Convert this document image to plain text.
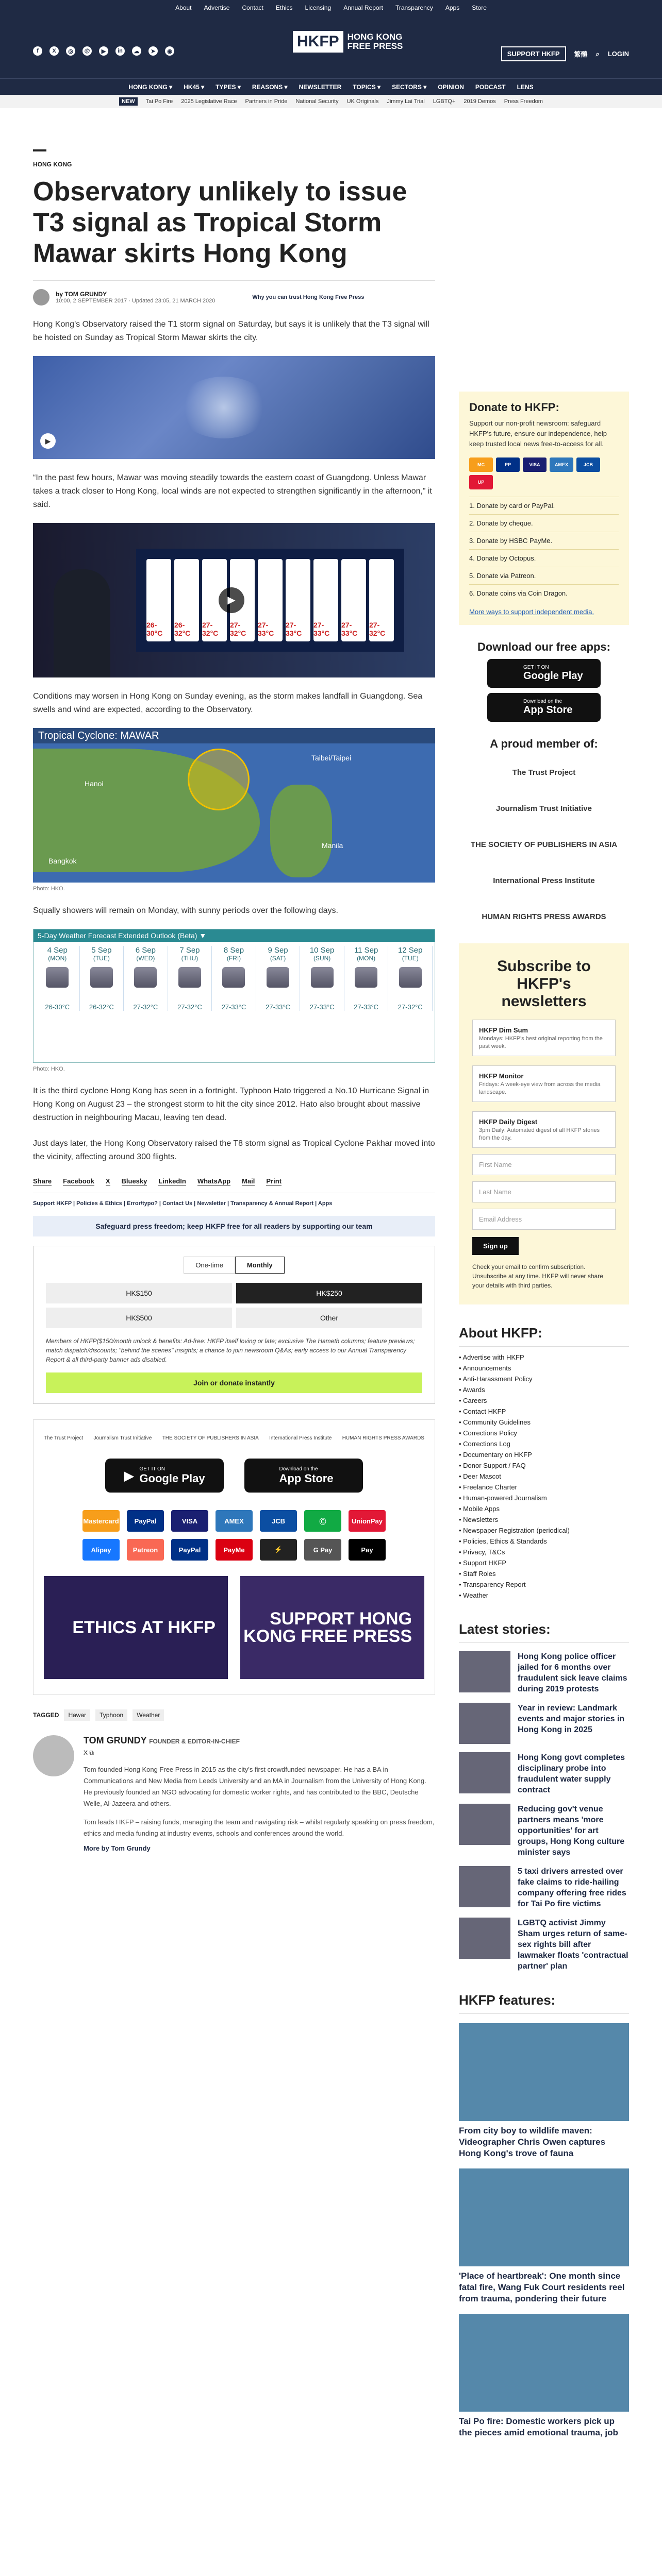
About Advertise Contact Ethics Licensing Annual Report Transparency Apps Store
f	X	◎	@	▶	in	☁	➤	◉
HKFP HONG KONG
FREE PRESS
SUPPORT HKFP	繁體 ⌕ LOGIN
HONG KONG ▾ HK45 ▾ TYPES ▾ REASONS ▾ NEWSLETTER TOPICS ▾ SECTORS ▾ OPINION PODCAST LENS
NEW	Tai Po Fire 2025 Legislative Race Partners in Pride National Security UK Originals Jimmy Lai Trial LGBTQ+ 2019 Demos Press Freedom
HONG KONG
Observatory unlikely to issue T3 signal as Tropical Storm Mawar skirts Hong Kong
by TOM GRUNDY
10:00, 2 SEPTEMBER 2017 · Updated 23:05, 21 MARCH 2020
Why you can trust Hong Kong Free Press

Hong Kong's Observatory raised the T1 storm signal on Saturday, but says it is unlikely that the T3 signal will be hoisted on Sunday as Tropical Storm Mawar skirts the city.

▶

“In the past few hours, Mawar was moving steadily towards the eastern coast of Guangdong. Unless Mawar takes a track closer to Hong Kong, local winds are not expected to strengthen significantly in the afternoon,” it said.

26-30°C
26-32°C
27-32°C
27-32°C
27-33°C
27-33°C
27-33°C
27-33°C
27-32°C
▶

Conditions may worsen in Hong Kong on Sunday evening, as the storm makes landfall in Guangdong. Sea swells and wind are expected, according to the Observatory.

Tropical Cyclone: MAWAR
Taibei/Taipei
Hanoi
Manila
Bangkok
Photo: HKO.

Squally showers will remain on Monday, with sunny periods over the following days.

5-Day Weather Forecast Extended Outlook (Beta) ▼
4 Sep
(MON)
26-30°C
5 Sep
(TUE)
26-32°C
6 Sep
(WED)
27-32°C
7 Sep
(THU)
27-32°C
8 Sep
(FRI)
27-33°C
9 Sep
(SAT)
27-33°C
10 Sep
(SUN)
27-33°C
11 Sep
(MON)
27-33°C
12 Sep
(TUE)
27-32°C
Photo: HKO.

It is the third cyclone Hong Kong has seen in a fortnight. Typhoon Hato triggered a No.10 Hurricane Signal in Hong Kong on August 23 – the strongest storm to hit the city since 2012. Hato also brought about massive destruction in neighbouring Macau, leaving ten dead.

Just days later, the Hong Kong Observatory raised the T8 storm signal as Tropical Cyclone Pakhar moved into the vicinity, affecting around 300 flights.

Share Facebook X Bluesky LinkedIn WhatsApp Mail Print
Support HKFP | Policies & Ethics | Error/typo? | Contact Us | Newsletter | Transparency & Annual Report | Apps
Safeguard press freedom; keep HKFP free for all readers by supporting our team
One-time	Monthly
HK$150	HK$250
HK$500	Other
Members of HKFP($150/month unlock & benefits: Ad-free: HKFP itself loving or late; exclusive The Hameth columns; feature previews; match dispatch/discounts; "behind the scenes" insights; a chance to join newsroom Q&As; early access to our Annual Transparency Report & all third-party banner ads disabled.
Join or donate instantly
The Trust Project Journalism Trust Initiative THE SOCIETY OF PUBLISHERS IN ASIA International Press Institute HUMAN RIGHTS PRESS AWARDS
▶ GET IT ON
Google Play
Download on the
App Store
Mastercard	PayPal	VISA	AMEX	JCB	Ⓒ	UnionPay
Alipay	Patreon	PayPal	PayMe	⚡	G Pay	Pay
ETHICS AT HKFP	SUPPORT HONG KONG FREE PRESS
TAGGED	Hawar	Typhoon	Weather
TOM GRUNDY FOUNDER & EDITOR-IN-CHIEF
X ⧉
Tom founded Hong Kong Free Press in 2015 as the city's first crowdfunded newspaper. He has a BA in Communications and New Media from Leeds University and an MA in Journalism from the University of Hong Kong. He previously founded an NGO advocating for domestic worker rights, and has contributed to the BBC, Deutsche Welle, Al-Jazeera and others.
Tom leads HKFP – raising funds, managing the team and navigating risk – whilst regularly speaking on press freedom, ethics and media funding at industry events, schools and conferences around the world.
More by Tom Grundy
Donate to HKFP:
Support our non-profit newsroom: safeguard HKFP's future, ensure our independence, help keep trusted local news free-to-access for all.
MC	PP	VISA	AMEX	JCB
UP
1. Donate by card or PayPal.
2. Donate by cheque.
3. Donate by HSBC PayMe.
4. Donate by Octopus.
5. Donate via Patreon.
6. Donate coins via Coin Dragon.
More ways to support independent media.
Download our free apps:
GET IT ON
Google Play
Download on the
App Store
A proud member of:
The Trust Project
Journalism Trust Initiative
THE SOCIETY OF PUBLISHERS IN ASIA
International Press Institute
HUMAN RIGHTS PRESS AWARDS
Subscribe to HKFP's newsletters
HKFP Dim Sum
Mondays: HKFP's best original reporting from the past week.
HKFP Monitor
Fridays: A week-eye view from across the media landscape.
HKFP Daily Digest
3pm Daily: Automated digest of all HKFP stories from the day.
First Name
Last Name
Email Address
Sign up
Check your email to confirm subscription. Unsubscribe at any time. HKFP will never share your details with third parties.
About HKFP:
• Advertise with HKFP
• Announcements
• Anti-Harassment Policy
• Awards
• Careers
• Contact HKFP
• Community Guidelines
• Corrections Policy
• Corrections Log
• Documentary on HKFP
• Donor Support / FAQ
• Deer Mascot
• Freelance Charter
• Human-powered Journalism
• Mobile Apps
• Newsletters
• Newspaper Registration (periodical)
• Policies, Ethics & Standards
• Privacy, T&Cs
• Support HKFP
• Staff Roles
• Transparency Report
• Weather
Latest stories:
Hong Kong police officer jailed for 6 months over fraudulent sick leave claims during 2019 protests
Year in review: Landmark events and major stories in Hong Kong in 2025
Hong Kong govt completes disciplinary probe into fraudulent water supply contract
Reducing gov't venue partners means 'more opportunities' for art groups, Hong Kong culture minister says
5 taxi drivers arrested over fake claims to ride-hailing company offering free rides for Tai Po fire victims
LGBTQ activist Jimmy Sham urges return of same-sex rights bill after lawmaker floats 'contractual partner' plan
HKFP features:
From city boy to wildlife maven: Videographer Chris Owen captures Hong Kong's trove of fauna
'Place of heartbreak': One month since fatal fire, Wang Fuk Court residents reel from trauma, pondering their future
Tai Po fire: Domestic workers pick up the pieces amid emotional trauma, job
